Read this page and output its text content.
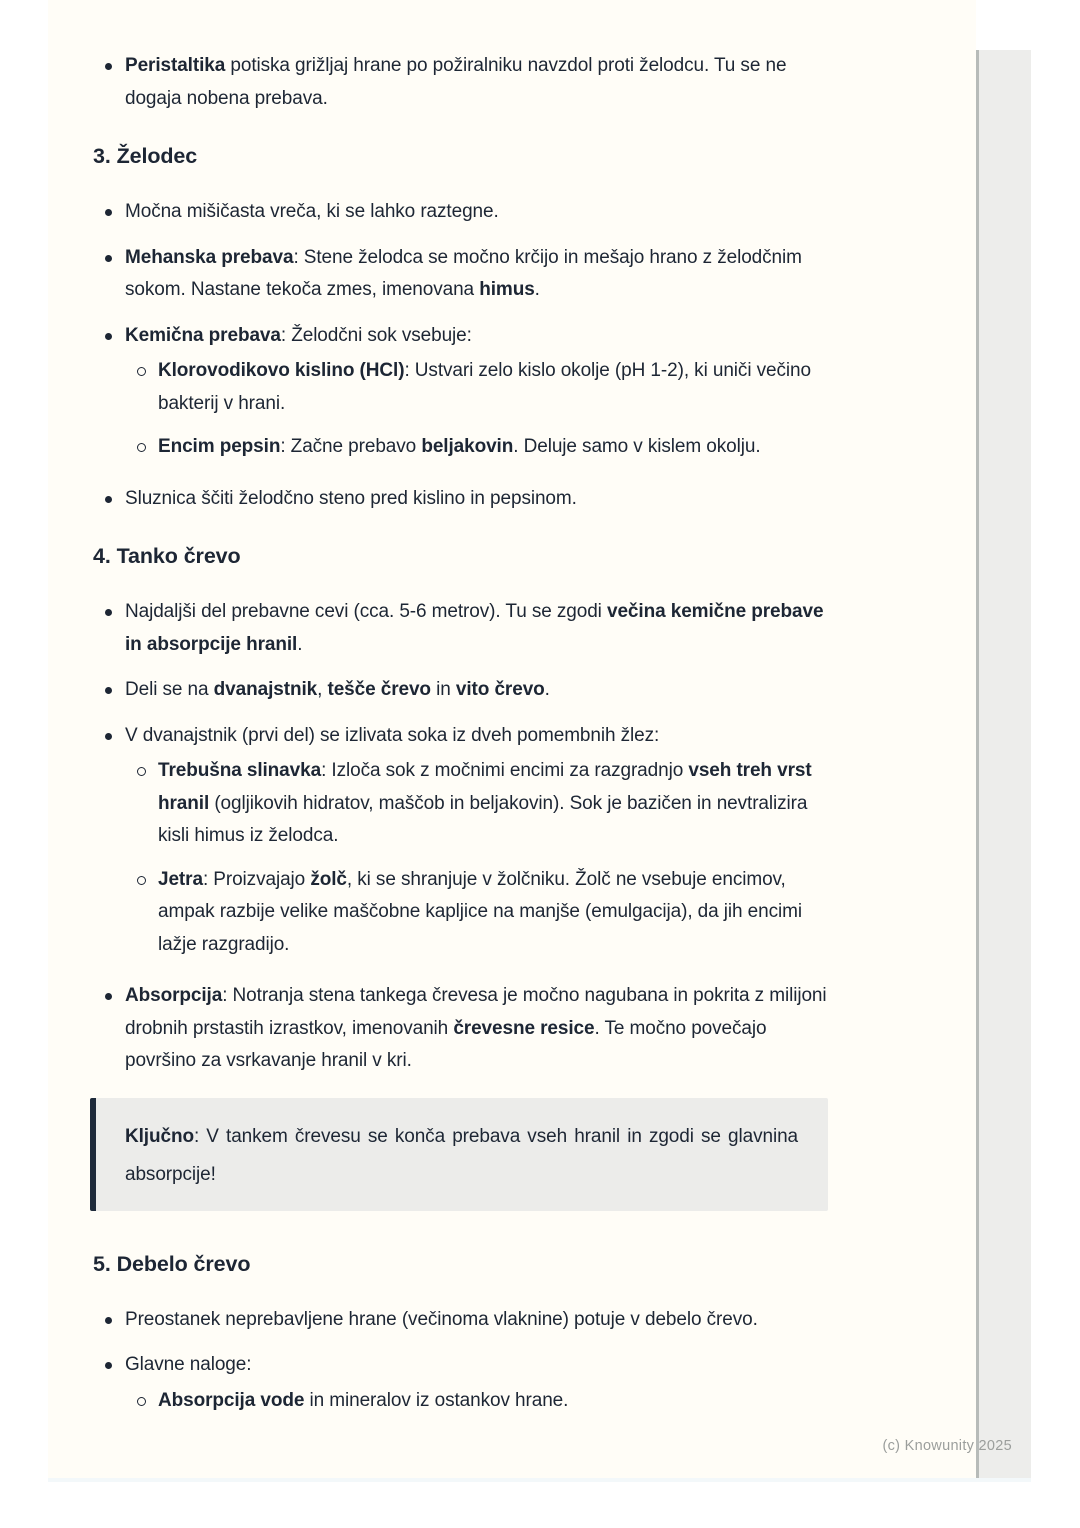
Peristaltika potiska grižljaj hrane po požiralniku navzdol proti želodcu. Tu se ne dogaja nobena prebava.
3. Želodec
Močna mišičasta vreča, ki se lahko raztegne.
Mehanska prebava: Stene želodca se močno krčijo in mešajo hrano z želodčnim sokom. Nastane tekoča zmes, imenovana himus.
Kemična prebava: Želodčni sok vsebuje:
Klorovodikovo kislino (HCl): Ustvari zelo kislo okolje (pH 1-2), ki uniči večino bakterij v hrani.
Encim pepsin: Začne prebavo beljakovin. Deluje samo v kislem okolju.
Sluznica ščiti želodčno steno pred kislino in pepsinom.
4. Tanko črevo
Najdaljši del prebavne cevi (cca. 5-6 metrov). Tu se zgodi večina kemične prebave in absorpcije hranil.
Deli se na dvanajstnik, tešče črevo in vito črevo.
V dvanajstnik (prvi del) se izlivata soka iz dveh pomembnih žlez:
Trebušna slinavka: Izloča sok z močnimi encimi za razgradnjo vseh treh vrst hranil (ogljikovih hidratov, maščob in beljakovin). Sok je bazičen in nevtralizira kisli himus iz želodca.
Jetra: Proizvajajo žolč, ki se shranjuje v žolčniku. Žolč ne vsebuje encimov, ampak razbije velike maščobne kapljice na manjše (emulgacija), da jih encimi lažje razgradijo.
Absorpcija: Notranja stena tankega črevesa je močno nagubana in pokrita z milijoni drobnih prstastih izrastkov, imenovanih črevesne resice. Te močno povečajo površino za vsrkavanje hranil v kri.
Ključno: V tankem črevesu se konča prebava vseh hranil in zgodi se glavnina absorpcije!
5. Debelo črevo
Preostanek neprebavljene hrane (večinoma vlaknine) potuje v debelo črevo.
Glavne naloge:
Absorpcija vode in mineralov iz ostankov hrane.
(c) Knowunity 2025
